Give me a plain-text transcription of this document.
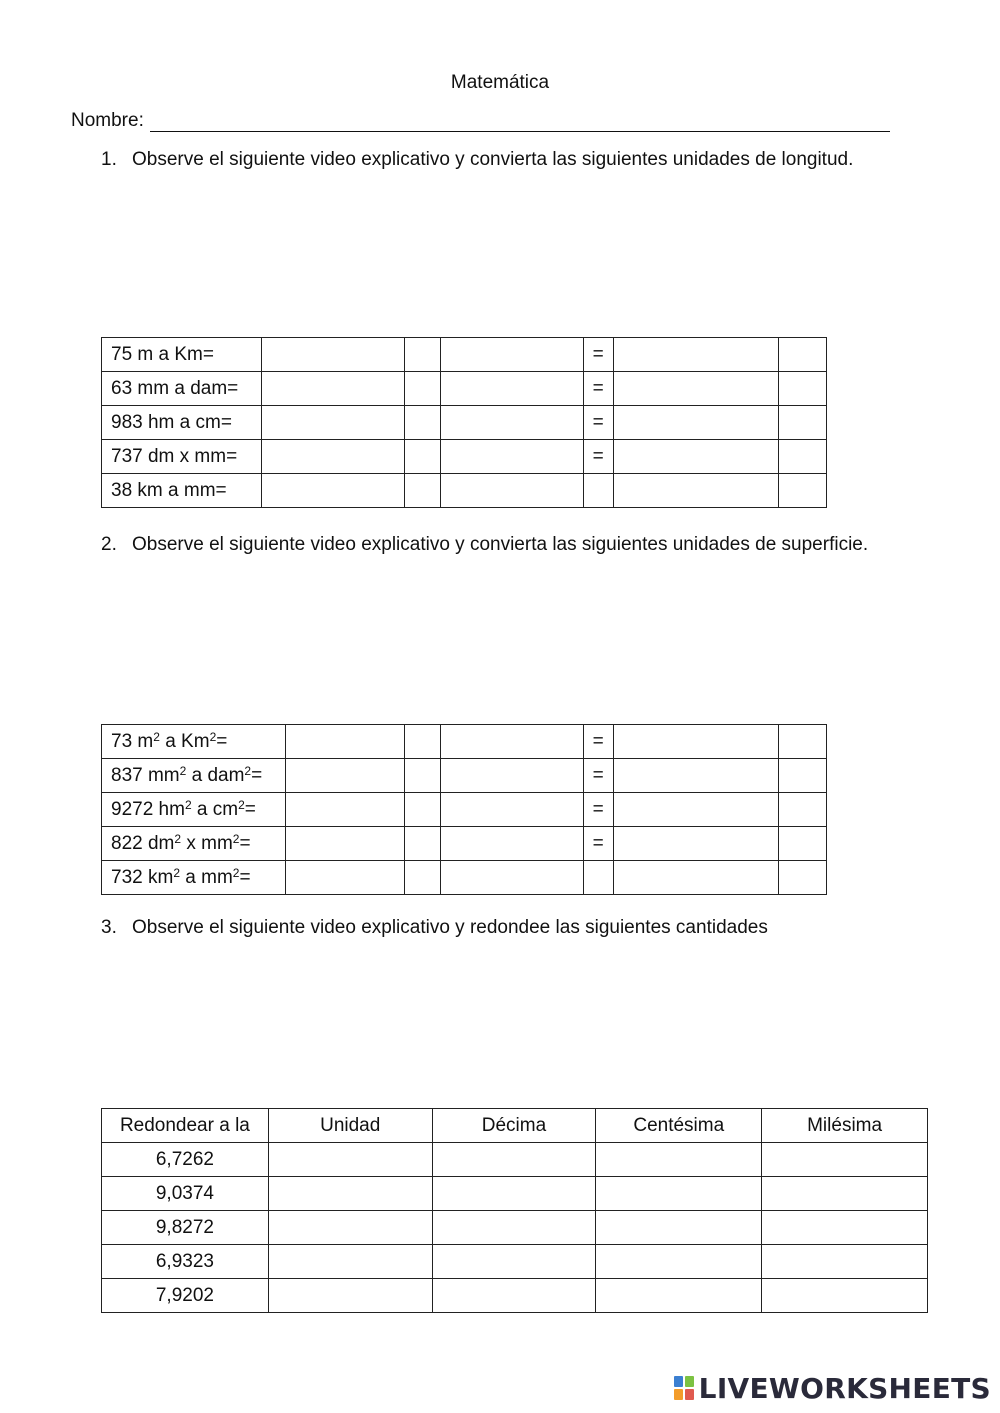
Matemática
Nombre:
1. Observe el siguiente video explicativo y convierta las siguientes unidades de longitud.
75 m a Km=				=		
63 mm a dam=				=		
983 hm a cm=				=		
737 dm x mm=				=		
38 km a mm=						
2. Observe el siguiente video explicativo y convierta las siguientes unidades de superficie.
73 $m^2$ a $Km^2=$				=		
837 $mm^2$ a dam$^2$=				=		
9272 $hm^2$ a $cm^2=$				=		
822 $dm^2$ x $mm^2=$				=		
732 $km^2$ a $mm^2=$						
3. Observe el siguiente video explicativo y redondee las siguientes cantidades
Redondear a la	Unidad	Décima	Centésima	Milésima
6,7262				
9,0374				
9,8272				
6,9323				
7,9202				
LIVEWORKSHEETS
